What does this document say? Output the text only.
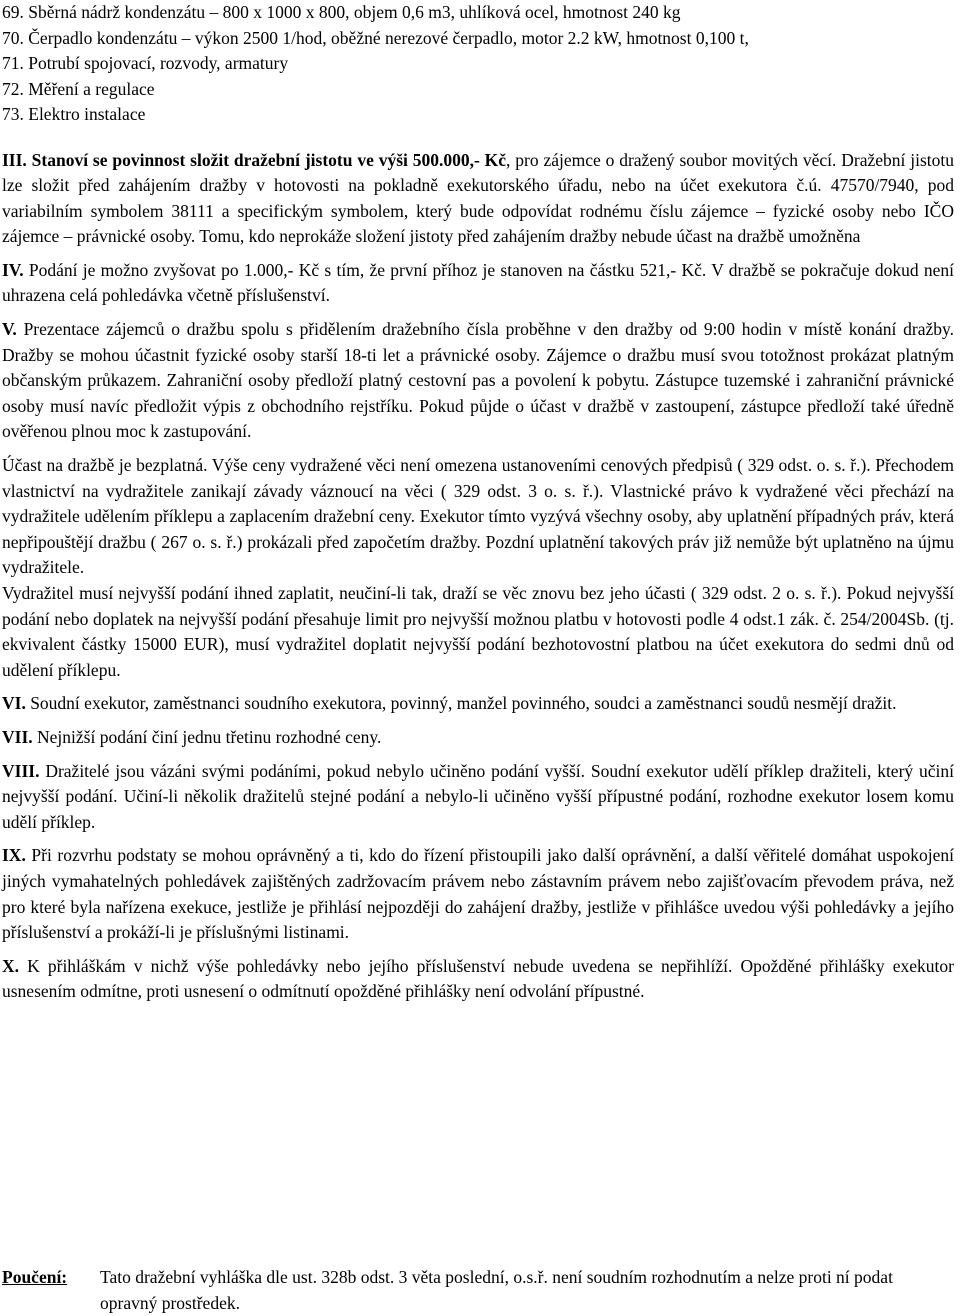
69. Sběrná nádrž kondenzátu – 800 x 1000 x 800, objem 0,6 m3, uhlíková ocel, hmotnost 240 kg
70. Čerpadlo kondenzátu – výkon 2500 1/hod, oběžné nerezové čerpadlo, motor 2.2 kW, hmotnost 0,100 t,
71. Potrubí spojovací, rozvody, armatury
72. Měření a regulace
73. Elektro instalace

III. Stanoví se povinnost složit dražební jistotu ve výši 500.000,- Kč, pro zájemce o dražený soubor movitých věcí. Dražební jistotu lze složit před zahájením dražby v hotovosti na pokladně exekutorského úřadu, nebo na účet exekutora č.ú. 47570/7940, pod variabilním symbolem 38111 a specifickým symbolem, který bude odpovídat rodnému číslu zájemce – fyzické osoby nebo IČO zájemce – právnické osoby. Tomu, kdo neprokáže složení jistoty před zahájením dražby nebude účast na dražbě umožněna

IV. Podání je možno zvyšovat po 1.000,- Kč s tím, že první příhoz je stanoven na částku 521,- Kč. V dražbě se pokračuje dokud není uhrazena celá pohledávka včetně příslušenství.

V. Prezentace zájemců o dražbu spolu s přidělením dražebního čísla proběhne v den dražby od 9:00 hodin v místě konání dražby. Dražby se mohou účastnit fyzické osoby starší 18-ti let a právnické osoby. Zájemce o dražbu musí svou totožnost prokázat platným občanským průkazem. Zahraniční osoby předloží platný cestovní pas a povolení k pobytu. Zástupce tuzemské i zahraniční právnické osoby musí navíc předložit výpis z obchodního rejstříku. Pokud půjde o účast v dražbě v zastoupení, zástupce předloží také úředně ověřenou plnou moc k zastupování.

Účast na dražbě je bezplatná. Výše ceny vydražené věci není omezena ustanoveními cenových předpisů ( 329 odst. o. s. ř.). Přechodem vlastnictví na vydražitele zanikají závady váznoucí na věci ( 329 odst. 3 o. s. ř.). Vlastnické právo k vydražené věci přechází na vydražitele udělením příklepu a zaplacením dražební ceny. Exekutor tímto vyzývá všechny osoby, aby uplatnění případných práv, která nepřipouštějí dražbu ( 267 o. s. ř.) prokázali před započetím dražby. Pozdní uplatnění takových práv již nemůže být uplatněno na újmu vydražitele.

Vydražitel musí nejvyšší podání ihned zaplatit, neučiní-li tak, draží se věc znovu bez jeho účasti ( 329 odst. 2 o. s. ř.). Pokud nejvyšší podání nebo doplatek na nejvyšší podání přesahuje limit pro nejvyšší možnou platbu v hotovosti podle 4 odst.1 zák. č. 254/2004Sb. (tj. ekvivalent částky 15000 EUR), musí vydražitel doplatit nejvyšší podání bezhotovostní platbou na účet exekutora do sedmi dnů od udělení příklepu.

VI. Soudní exekutor, zaměstnanci soudního exekutora, povinný, manžel povinného, soudci a zaměstnanci soudů nesmějí dražit.

VII. Nejnižší podání činí jednu třetinu rozhodné ceny.

VIII. Dražitelé jsou vázáni svými podáními, pokud nebylo učiněno podání vyšší. Soudní exekutor udělí příklep dražiteli, který učiní nejvyšší podání. Učiní-li několik dražitelů stejné podání a nebylo-li učiněno vyšší přípustné podání, rozhodne exekutor losem komu udělí příklep.

IX. Při rozvrhu podstaty se mohou oprávněný a ti, kdo do řízení přistoupili jako další oprávnění, a další věřitelé domáhat uspokojení jiných vymahatelných pohledávek zajištěných zadržovacím právem nebo zástavním právem nebo zajišťovacím převodem práva, než pro které byla nařízena exekuce, jestliže je přihlásí nejpozději do zahájení dražby, jestliže v přihlášce uvedou výši pohledávky a jejího příslušenství a prokáží-li je příslušnými listinami.

X. K přihláškám v nichž výše pohledávky nebo jejího příslušenství nebude uvedena se nepřihlíží. Opožděné přihlášky exekutor usnesením odmítne, proti usnesení o odmítnutí opožděné přihlášky není odvolání přípustné.

Poučení: Tato dražební vyhláška dle ust. 328b odst. 3 věta poslední, o.s.ř. není soudním rozhodnutím a nelze proti ní podat opravný prostředek.
